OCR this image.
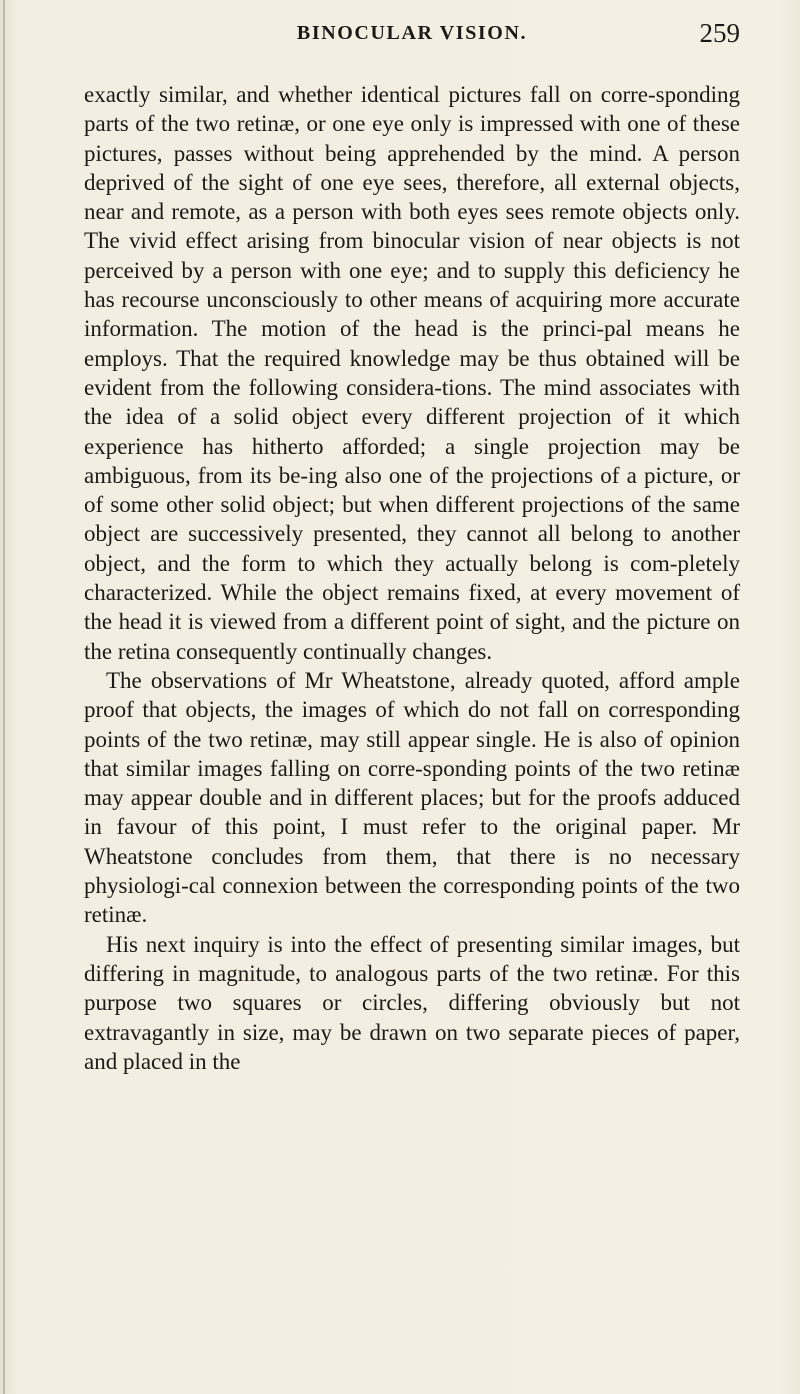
BINOCULAR VISION.	259

exactly similar, and whether identical pictures fall on corre-sponding parts of the two retinæ, or one eye only is impressed with one of these pictures, passes without being apprehended by the mind. A person deprived of the sight of one eye sees, therefore, all external objects, near and remote, as a person with both eyes sees remote objects only. The vivid effect arising from binocular vision of near objects is not perceived by a person with one eye; and to supply this deficiency he has recourse unconsciously to other means of acquiring more accurate information. The motion of the head is the princi-pal means he employs. That the required knowledge may be thus obtained will be evident from the following considera-tions. The mind associates with the idea of a solid object every different projection of it which experience has hitherto afforded; a single projection may be ambiguous, from its be-ing also one of the projections of a picture, or of some other solid object; but when different projections of the same object are successively presented, they cannot all belong to another object, and the form to which they actually belong is com-pletely characterized. While the object remains fixed, at every movement of the head it is viewed from a different point of sight, and the picture on the retina consequently continually changes.

The observations of Mr Wheatstone, already quoted, afford ample proof that objects, the images of which do not fall on corresponding points of the two retinæ, may still appear single. He is also of opinion that similar images falling on corre-sponding points of the two retinæ may appear double and in different places; but for the proofs adduced in favour of this point, I must refer to the original paper. Mr Wheatstone concludes from them, that there is no necessary physiologi-cal connexion between the corresponding points of the two retinæ.

His next inquiry is into the effect of presenting similar images, but differing in magnitude, to analogous parts of the two retinæ. For this purpose two squares or circles, differing obviously but not extravagantly in size, may be drawn on two separate pieces of paper, and placed in the
